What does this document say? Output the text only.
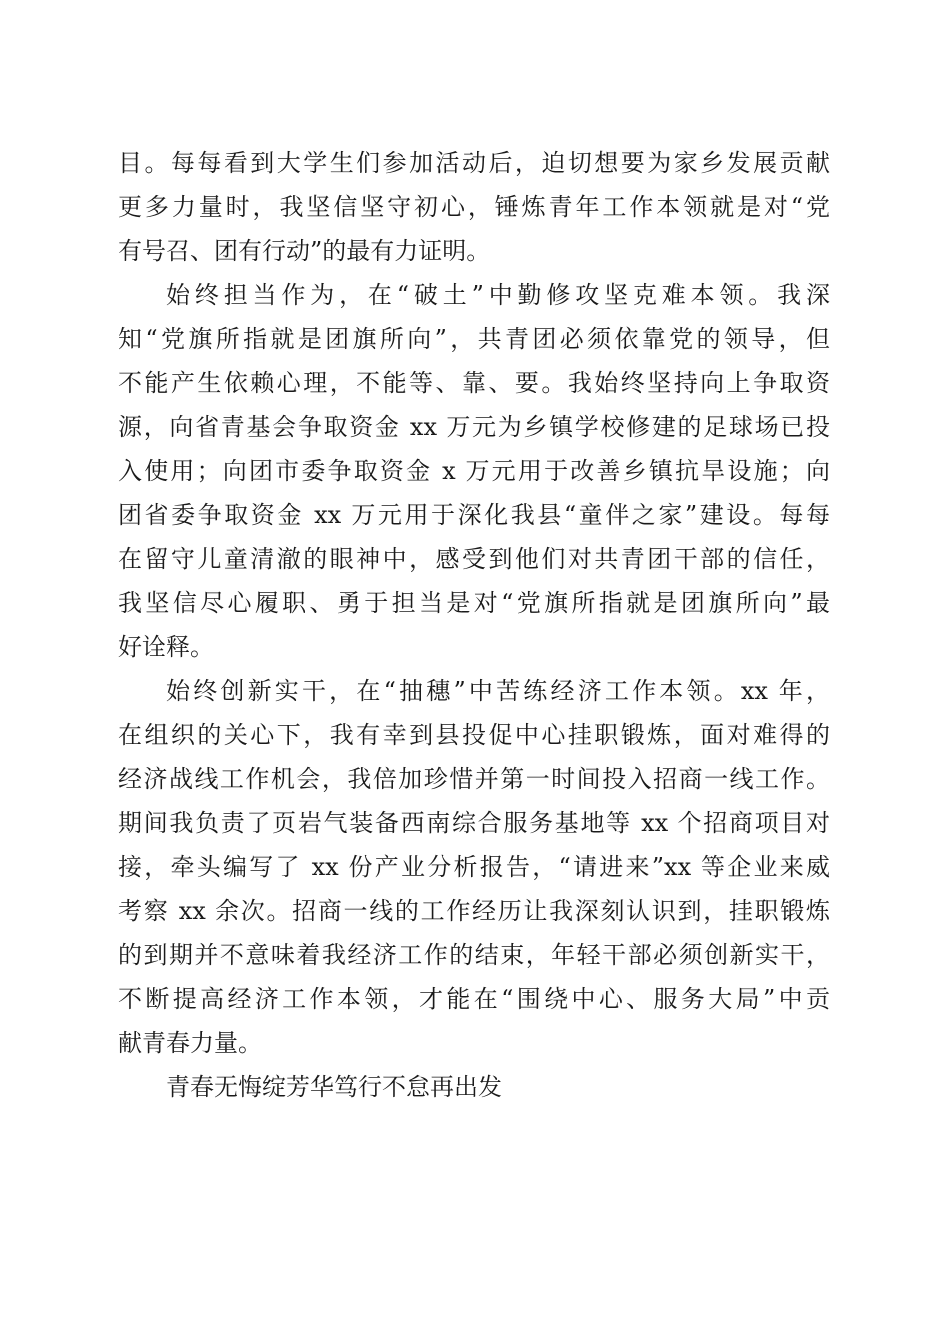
目。每每看到大学生们参加活动后，迫切想要为家乡发展贡献
更多力量时，我坚信坚守初心，锤炼青年工作本领就是对“党
有号召、团有行动”的最有力证明。
始终担当作为，在“破土”中勤修攻坚克难本领。我深
知“党旗所指就是团旗所向”，共青团必须依靠党的领导，但
不能产生依赖心理，不能等、靠、要。我始终坚持向上争取资
源，向省青基会争取资金 xx 万元为乡镇学校修建的足球场已投
入使用；向团市委争取资金 x 万元用于改善乡镇抗旱设施；向
团省委争取资金 xx 万元用于深化我县“童伴之家”建设。每每
在留守儿童清澈的眼神中，感受到他们对共青团干部的信任，
我坚信尽心履职、勇于担当是对“党旗所指就是团旗所向”最
好诠释。
始终创新实干，在“抽穗”中苦练经济工作本领。xx 年，
在组织的关心下，我有幸到县投促中心挂职锻炼，面对难得的
经济战线工作机会，我倍加珍惜并第一时间投入招商一线工作。
期间我负责了页岩气装备西南综合服务基地等 xx 个招商项目对
接，牵头编写了 xx 份产业分析报告，“请进来”xx 等企业来威
考察 xx 余次。招商一线的工作经历让我深刻认识到，挂职锻炼
的到期并不意味着我经济工作的结束，年轻干部必须创新实干，
不断提高经济工作本领，才能在“围绕中心、服务大局”中贡
献青春力量。
青春无悔绽芳华笃行不怠再出发
